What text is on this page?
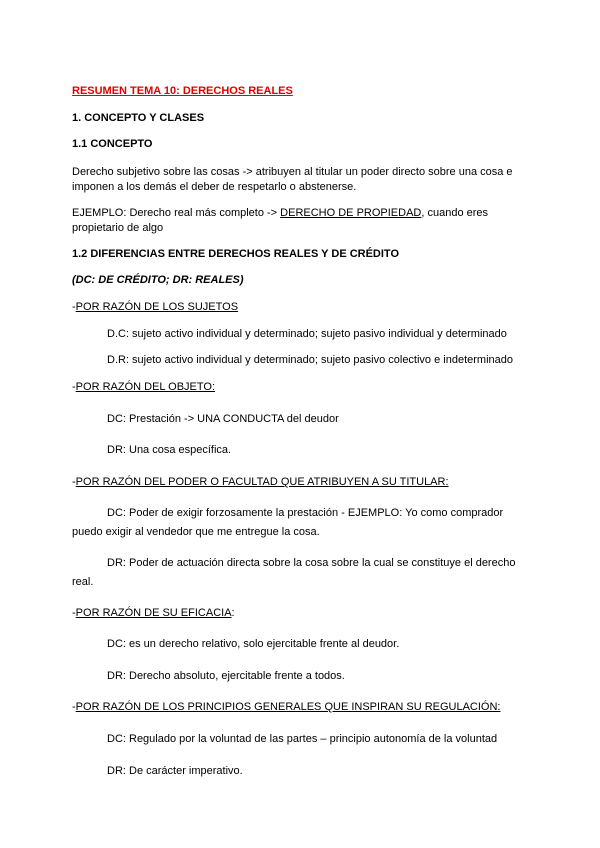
RESUMEN TEMA 10: DERECHOS REALES
1. CONCEPTO Y CLASES
1.1 CONCEPTO
Derecho subjetivo sobre las cosas -> atribuyen al titular un poder directo sobre una cosa e
imponen a los demás el deber de respetarlo o abstenerse.
EJEMPLO: Derecho real más completo -> DERECHO DE PROPIEDAD, cuando eres
propietario de algo
1.2 DIFERENCIAS ENTRE DERECHOS REALES Y DE CRÉDITO
(DC: DE CRÉDITO; DR: REALES)
-POR RAZÓN DE LOS SUJETOS
D.C: sujeto activo individual y determinado; sujeto pasivo individual y determinado
D.R: sujeto activo individual y determinado; sujeto pasivo colectivo e indeterminado
-POR RAZÓN DEL OBJETO:
DC: Prestación -> UNA CONDUCTA del deudor
DR: Una cosa específica.
-POR RAZÓN DEL PODER O FACULTAD QUE ATRIBUYEN A SU TITULAR:
DC: Poder de exigir forzosamente la prestación - EJEMPLO: Yo como comprador
puedo exigir al vendedor que me entregue la cosa.
DR: Poder de actuación directa sobre la cosa sobre la cual se constituye el derecho
real.
-POR RAZÓN DE SU EFICACIA:
DC: es un derecho relativo, solo ejercitable frente al deudor.
DR: Derecho absoluto, ejercitable frente a todos.
-POR RAZÓN DE LOS PRINCIPIOS GENERALES QUE INSPIRAN SU REGULACIÓN:
DC: Regulado por la voluntad de las partes – principio autonomía de la voluntad
DR: De carácter imperativo.
